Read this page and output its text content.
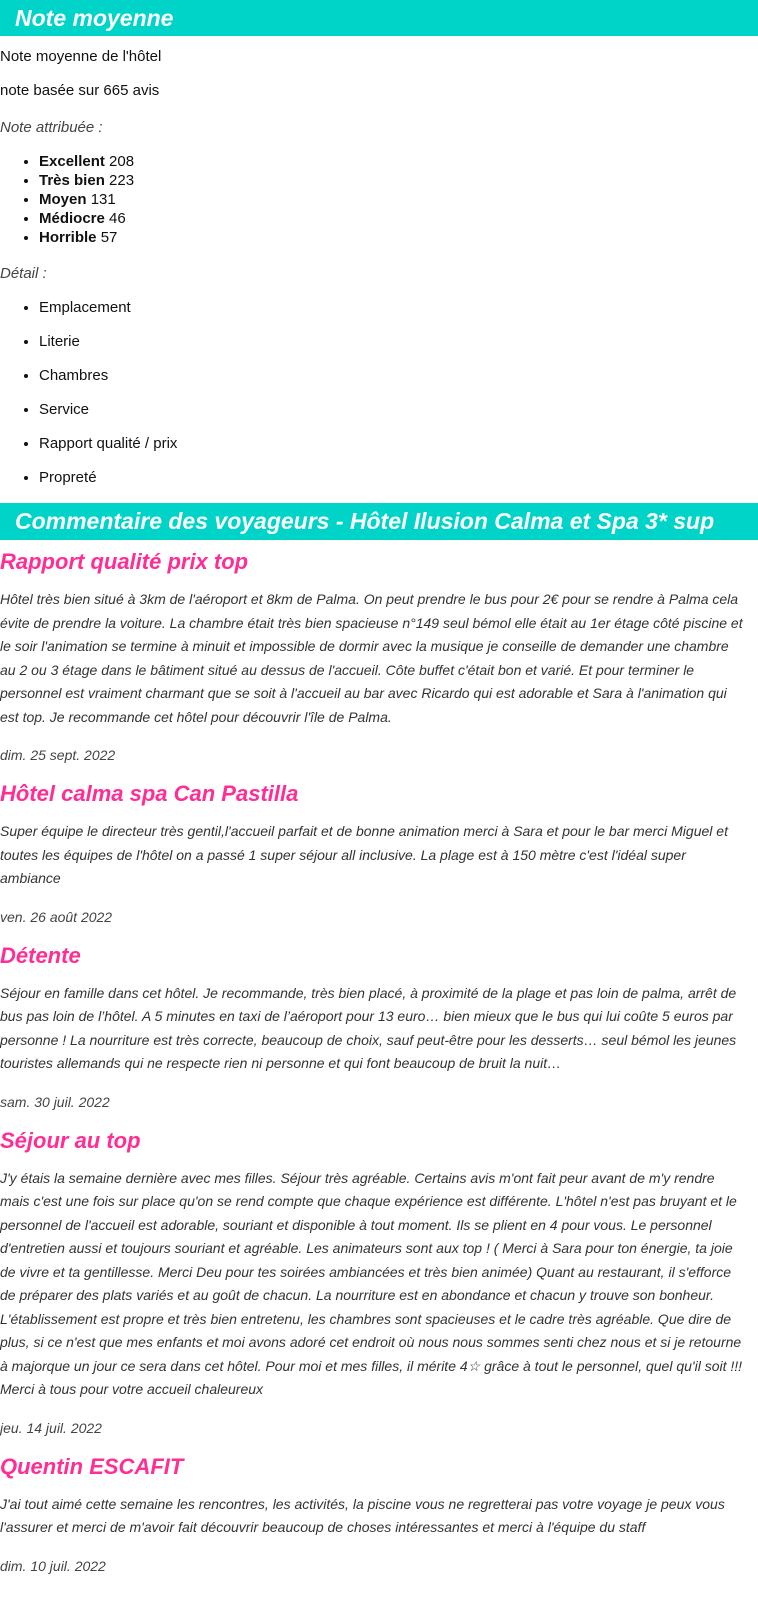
Note moyenne

Note moyenne de l'hôtel

note basée sur 665 avis

Note attribuée :

• Excellent 208
• Très bien 223
• Moyen 131
• Médiocre 46
• Horrible 57

Détail :

• Emplacement
• Literie
• Chambres
• Service
• Rapport qualité / prix
• Propreté
Commentaire des voyageurs - Hôtel Ilusion Calma et Spa 3* sup
Rapport qualité prix top

Hôtel très bien situé à 3km de l'aéroport et 8km de Palma. On peut prendre le bus pour 2€ pour se rendre à Palma cela évite de prendre la voiture. La chambre était très bien spacieuse n°149 seul bémol elle était au 1er étage côté piscine et le soir l'animation se termine à minuit et impossible de dormir avec la musique je conseille de demander une chambre au 2 ou 3 étage dans le bâtiment situé au dessus de l'accueil. Côte buffet c'était bon et varié. Et pour terminer le personnel est vraiment charmant que se soit à l'accueil au bar avec Ricardo qui est adorable et Sara à l'animation qui est top. Je recommande cet hôtel pour découvrir l'île de Palma.

dim. 25 sept. 2022

Hôtel calma spa Can Pastilla

Super équipe le directeur très gentil,l'accueil parfait et de bonne animation merci à Sara et pour le bar merci Miguel et toutes les équipes de l'hôtel on a passé 1 super séjour all inclusive. La plage est à 150 mètre c'est l'idéal super ambiance

ven. 26 août 2022

Détente

Séjour en famille dans cet hôtel. Je recommande, très bien placé, à proximité de la plage et pas loin de palma, arrêt de bus pas loin de l’hôtel. A 5 minutes en taxi de l’aéroport pour 13 euro… bien mieux que le bus qui lui coûte 5 euros par personne ! La nourriture est très correcte, beaucoup de choix, sauf peut-être pour les desserts… seul bémol les jeunes touristes allemands qui ne respecte rien ni personne et qui font beaucoup de bruit la nuit…

sam. 30 juil. 2022

Séjour au top

J'y étais la semaine dernière avec mes filles. Séjour très agréable. Certains avis m'ont fait peur avant de m'y rendre mais c'est une fois sur place qu'on se rend compte que chaque expérience est différente. L'hôtel n'est pas bruyant et le personnel de l'accueil est adorable, souriant et disponible à tout moment. Ils se plient en 4 pour vous. Le personnel d'entretien aussi et toujours souriant et agréable. Les animateurs sont aux top ! ( Merci à Sara pour ton énergie, ta joie de vivre et ta gentillesse. Merci Deu pour tes soirées ambiancées et très bien animée) Quant au restaurant, il s'efforce de préparer des plats variés et au goût de chacun. La nourriture est en abondance et chacun y trouve son bonheur. L'établissement est propre et très bien entretenu, les chambres sont spacieuses et le cadre très agréable. Que dire de plus, si ce n'est que mes enfants et moi avons adoré cet endroit où nous nous sommes senti chez nous et si je retourne à majorque un jour ce sera dans cet hôtel. Pour moi et mes filles, il mérite 4☆ grâce à tout le personnel, quel qu'il soit !!! Merci à tous pour votre accueil chaleureux

jeu. 14 juil. 2022

Quentin ESCAFIT

J'ai tout aimé cette semaine les rencontres, les activités, la piscine vous ne regretterai pas votre voyage je peux vous l'assurer et merci de m'avoir fait découvrir beaucoup de choses intéressantes et merci à l'équipe du staff

dim. 10 juil. 2022
